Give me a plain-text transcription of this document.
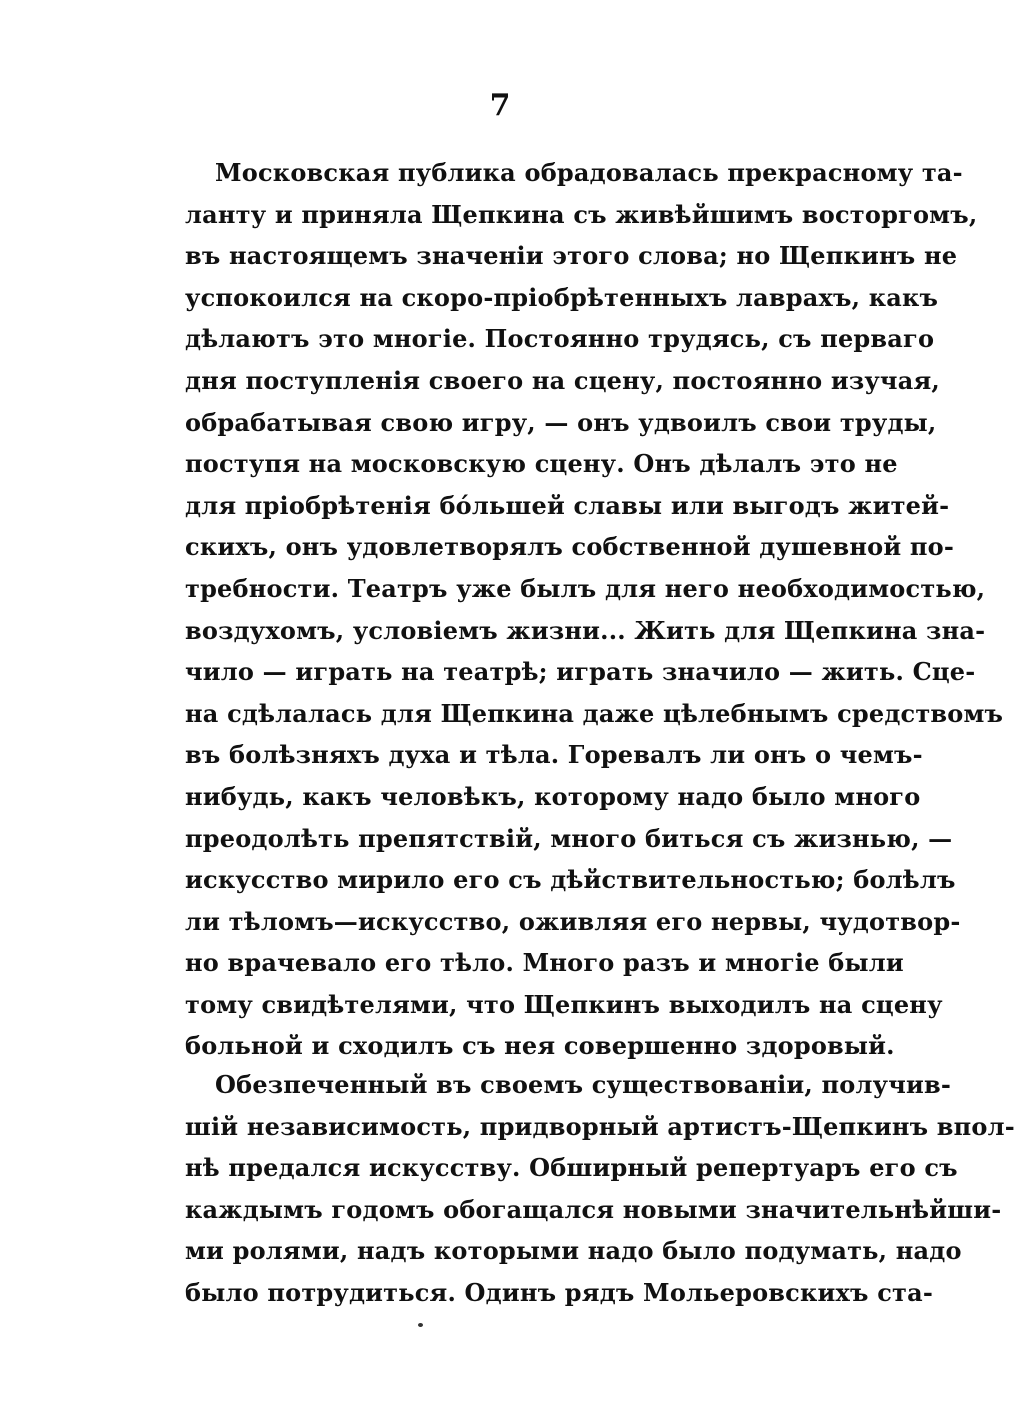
7
Московская публика обрадовалась прекрасному та-
ланту и приняла Щепкина съ живѣйшимъ восторгомъ,
въ настоящемъ значеніи этого слова; но Щепкинъ не
успокоился на скоро-пріобрѣтенныхъ лаврахъ, какъ
дѣлаютъ это многіе. Постоянно трудясь, съ перваго
дня поступленія своего на сцену, постоянно изучая,
обрабатывая свою игру, — онъ удвоилъ свои труды,
поступя на московскую сцену. Онъ дѣлалъ это не
для пріобрѣтенія бóльшей славы или выгодъ житей-
скихъ, онъ удовлетворялъ собственной душевной по-
требности. Театръ уже былъ для него необходимостью,
воздухомъ, условіемъ жизни... Жить для Щепкина зна-
чило — играть на театрѣ; играть значило — жить. Сце-
на сдѣлалась для Щепкина даже цѣлебнымъ средствомъ
въ болѣзняхъ духа и тѣла. Горевалъ ли онъ о чемъ-
нибудь, какъ человѣкъ, которому надо было много
преодолѣть препятствій, много биться съ жизнью, —
искусство мирило его съ дѣйствительностью; болѣлъ
ли тѣломъ—искусство, оживляя его нервы, чудотвор-
но врачевало его тѣло. Много разъ и многіе были
тому свидѣтелями, что Щепкинъ выходилъ на сцену
больной и сходилъ съ нея совершенно здоровый.
Обезпеченный въ своемъ существованіи, получив-
шій независимость, придворный артистъ-Щепкинъ впол-
нѣ предался искусству. Обширный репертуаръ его съ
каждымъ годомъ обогащался новыми значительнѣйши-
ми ролями, надъ которыми надо было подумать, надо
было потрудиться. Одинъ рядъ Мольеровскихъ ста-
